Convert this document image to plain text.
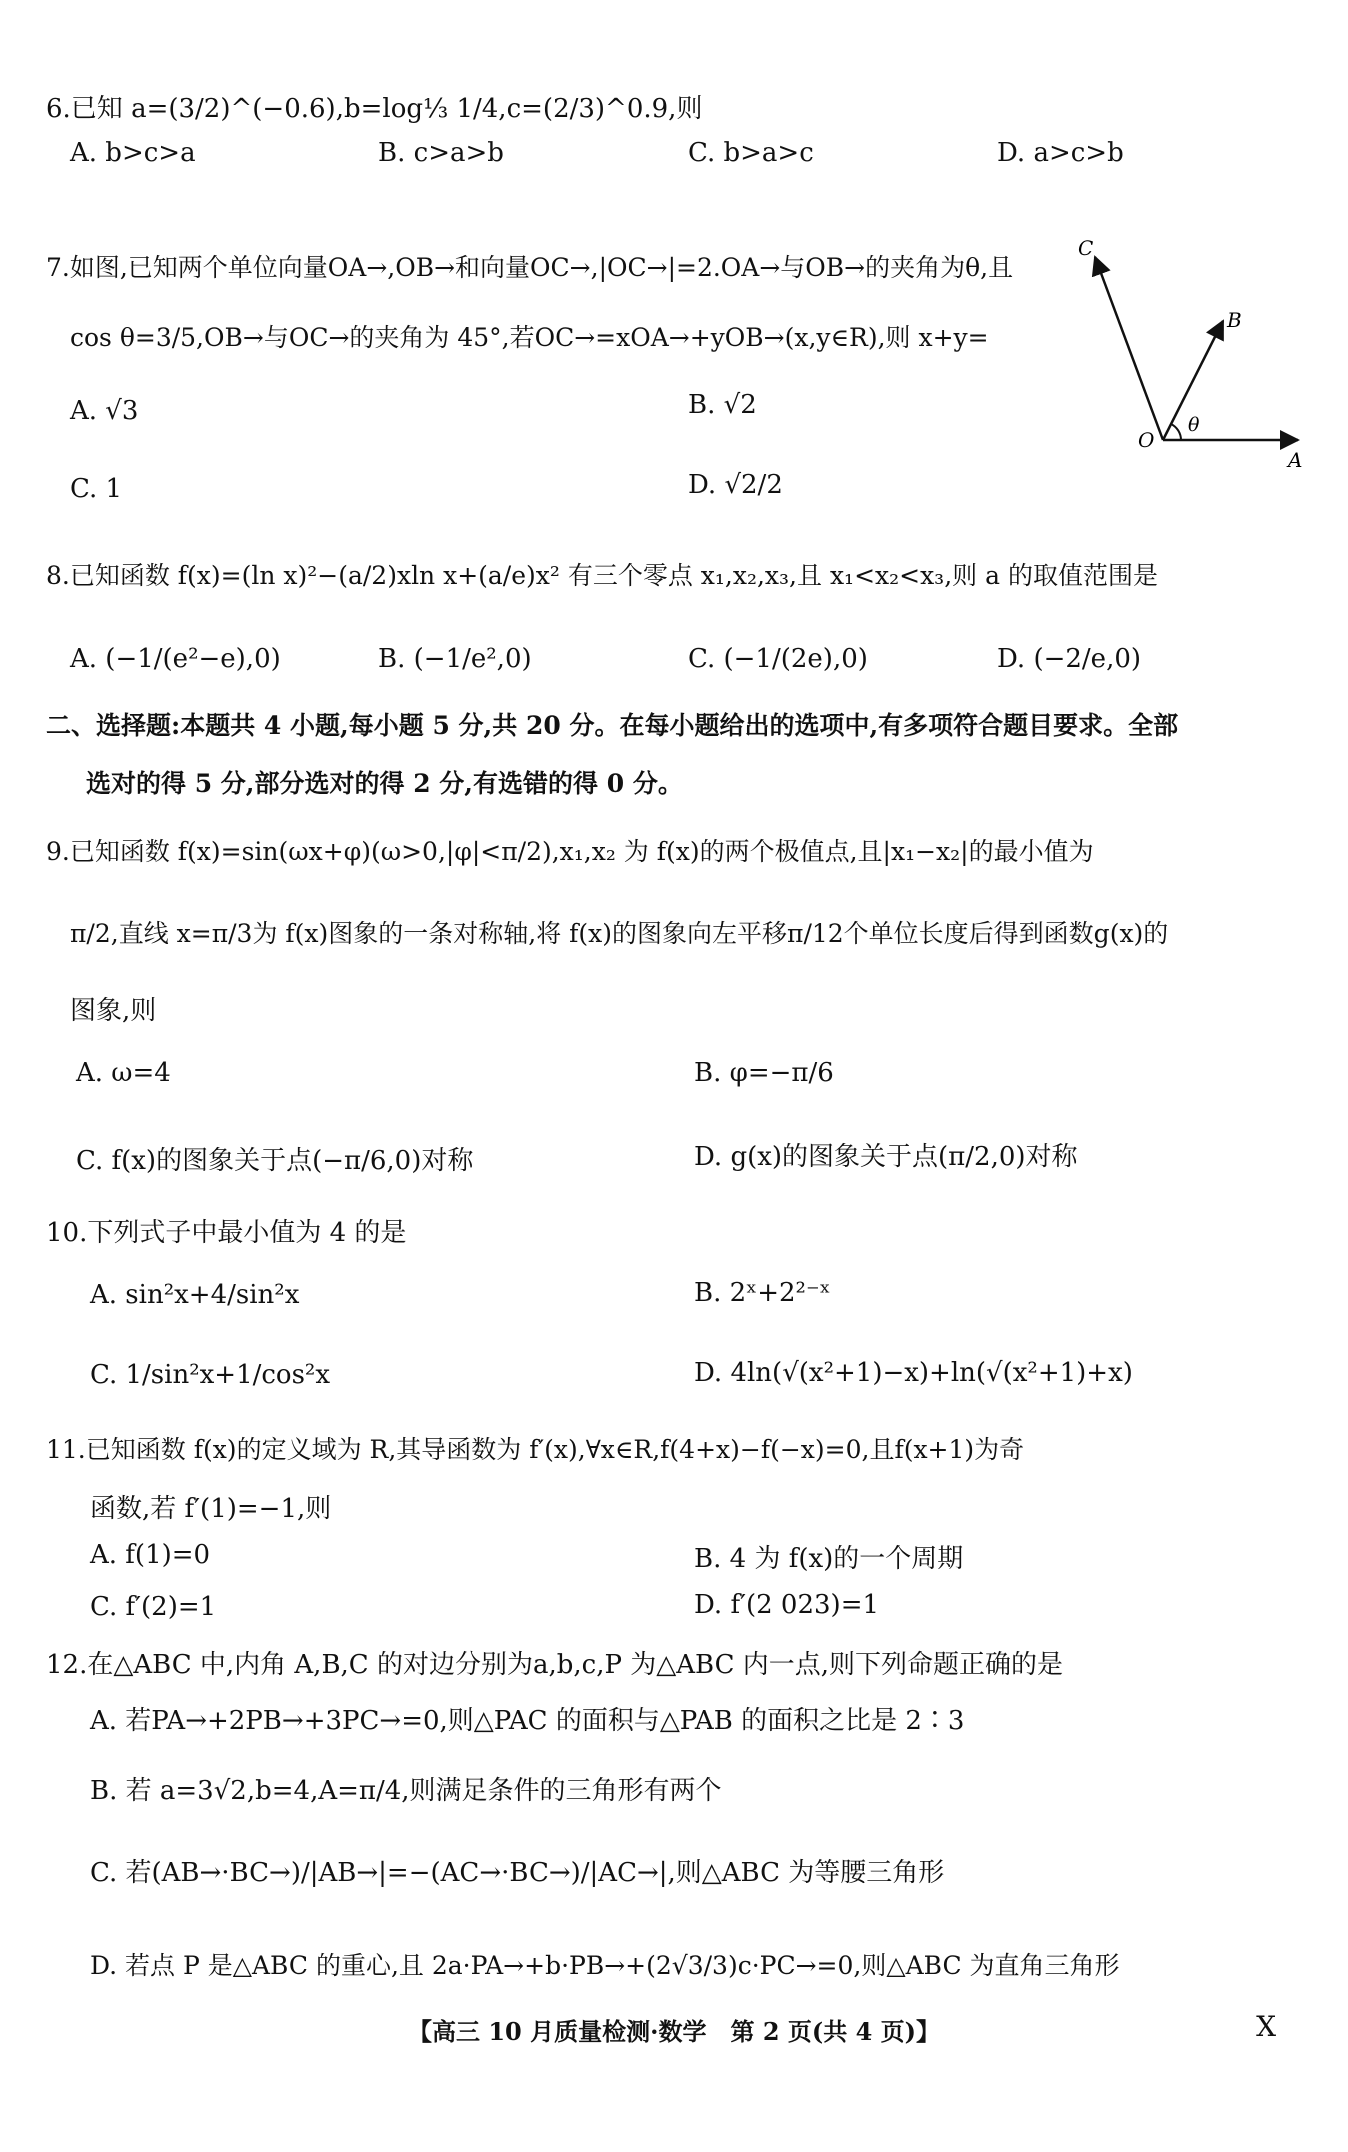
6.已知 a=(3/2)^(−0.6),b=log⅓ 1/4,c=(2/3)^0.9,则
A. b>c>a	B. c>a>b	C. b>a>c	D. a>c>b
7.如图,已知两个单位向量OA→,OB→和向量OC→,|OC→|=2.OA→与OB→的夹角为θ,且
cos θ=3/5,OB→与OC→的夹角为 45°,若OC→=xOA→+yOB→(x,y∈R),则 x+y=
A. √3	B. √2
C. 1	D. √2/2
C
B
O
A
θ
8.已知函数 f(x)=(ln x)²−(a/2)xln x+(a/e)x² 有三个零点 x₁,x₂,x₃,且 x₁<x₂<x₃,则 a 的取值范围是
A. (−1/(e²−e),0)	B. (−1/e²,0)	C. (−1/(2e),0)	D. (−2/e,0)
二、选择题:本题共 4 小题,每小题 5 分,共 20 分。在每小题给出的选项中,有多项符合题目要求。全部
选对的得 5 分,部分选对的得 2 分,有选错的得 0 分。
9.已知函数 f(x)=sin(ωx+φ)(ω>0,|φ|<π/2),x₁,x₂ 为 f(x)的两个极值点,且|x₁−x₂|的最小值为
π/2,直线 x=π/3为 f(x)图象的一条对称轴,将 f(x)的图象向左平移π/12个单位长度后得到函数g(x)的
图象,则
A. ω=4	B. φ=−π/6
C. f(x)的图象关于点(−π/6,0)对称	D. g(x)的图象关于点(π/2,0)对称
10.下列式子中最小值为 4 的是
A. sin²x+4/sin²x	B. 2ˣ+2²⁻ˣ
C. 1/sin²x+1/cos²x	D. 4ln(√(x²+1)−x)+ln(√(x²+1)+x)
11.已知函数 f(x)的定义域为 R,其导函数为 f′(x),∀x∈R,f(4+x)−f(−x)=0,且f(x+1)为奇
函数,若 f′(1)=−1,则
A. f(1)=0	B. 4 为 f(x)的一个周期
C. f′(2)=1	D. f′(2 023)=1
12.在△ABC 中,内角 A,B,C 的对边分别为a,b,c,P 为△ABC 内一点,则下列命题正确的是
A. 若PA→+2PB→+3PC→=0,则△PAC 的面积与△PAB 的面积之比是 2∶3
B. 若 a=3√2,b=4,A=π/4,则满足条件的三角形有两个
C. 若(AB→·BC→)/|AB→|=−(AC→·BC→)/|AC→|,则△ABC 为等腰三角形
D. 若点 P 是△ABC 的重心,且 2a·PA→+b·PB→+(2√3/3)c·PC→=0,则△ABC 为直角三角形
【高三 10 月质量检测·数学　第 2 页(共 4 页)】	X
